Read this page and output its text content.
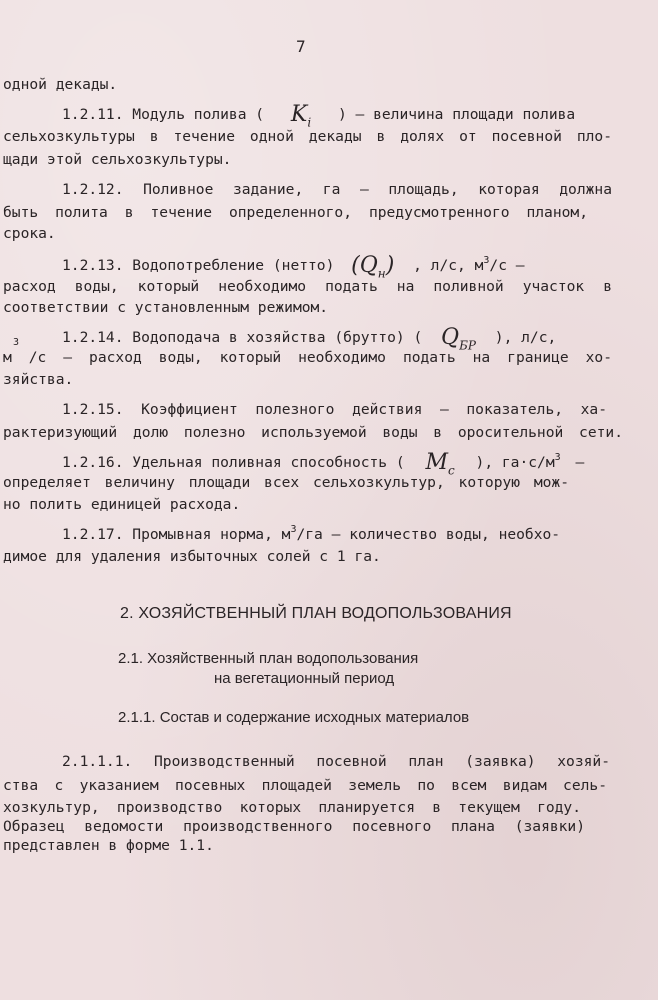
7
одной декады.
1.2.11. Модуль полива ( $K_i$ ) – величина площади полива
сельхозкультуры в течение одной декады в долях от посевной пло-
щади этой сельхозкультуры.
1.2.12. Поливное задание, га – площадь, которая должна
быть полита в течение определенного, предусмотренного планом,
срока.
1.2.13. Водопотребление (нетто) $(Q_н)$ , л/с, $м^3/с$ –
расход воды, который необходимо подать на поливной участок в
соответствии с установленным режимом.
1.2.14. Водоподача в хозяйства (брутто) ( $Q_{БР}$ ), л/с,
$^3$
м /с – расход воды, который необходимо подать на границе хо-
зяйства.
1.2.15. Коэффициент полезного действия – показатель, ха-
рактеризующий долю полезно используемой воды в оросительной сети.
1.2.16. Удельная поливная способность ( $M_c$ ), $га\cdot с/м^3$ –
определяет величину площади всех сельхозкультур, которую мож-
но полить единицей расхода.
1.2.17. Промывная норма, $м^3/га$ – количество воды, необхо-
димое для удаления избыточных солей с 1 га.
2. ХОЗЯЙСТВЕННЫЙ ПЛАН ВОДОПОЛЬЗОВАНИЯ
2.1. Хозяйственный план водопользования
на вегетационный период
2.1.1. Состав и содержание исходных материалов
2.1.1.1. Производственный посевной план (заявка) хозяй-
ства с указанием посевных площадей земель по всем видам сель-
хозкультур, производство которых планируется в текущем году.
Образец ведомости производственного посевного плана (заявки)
представлен в форме 1.1.
